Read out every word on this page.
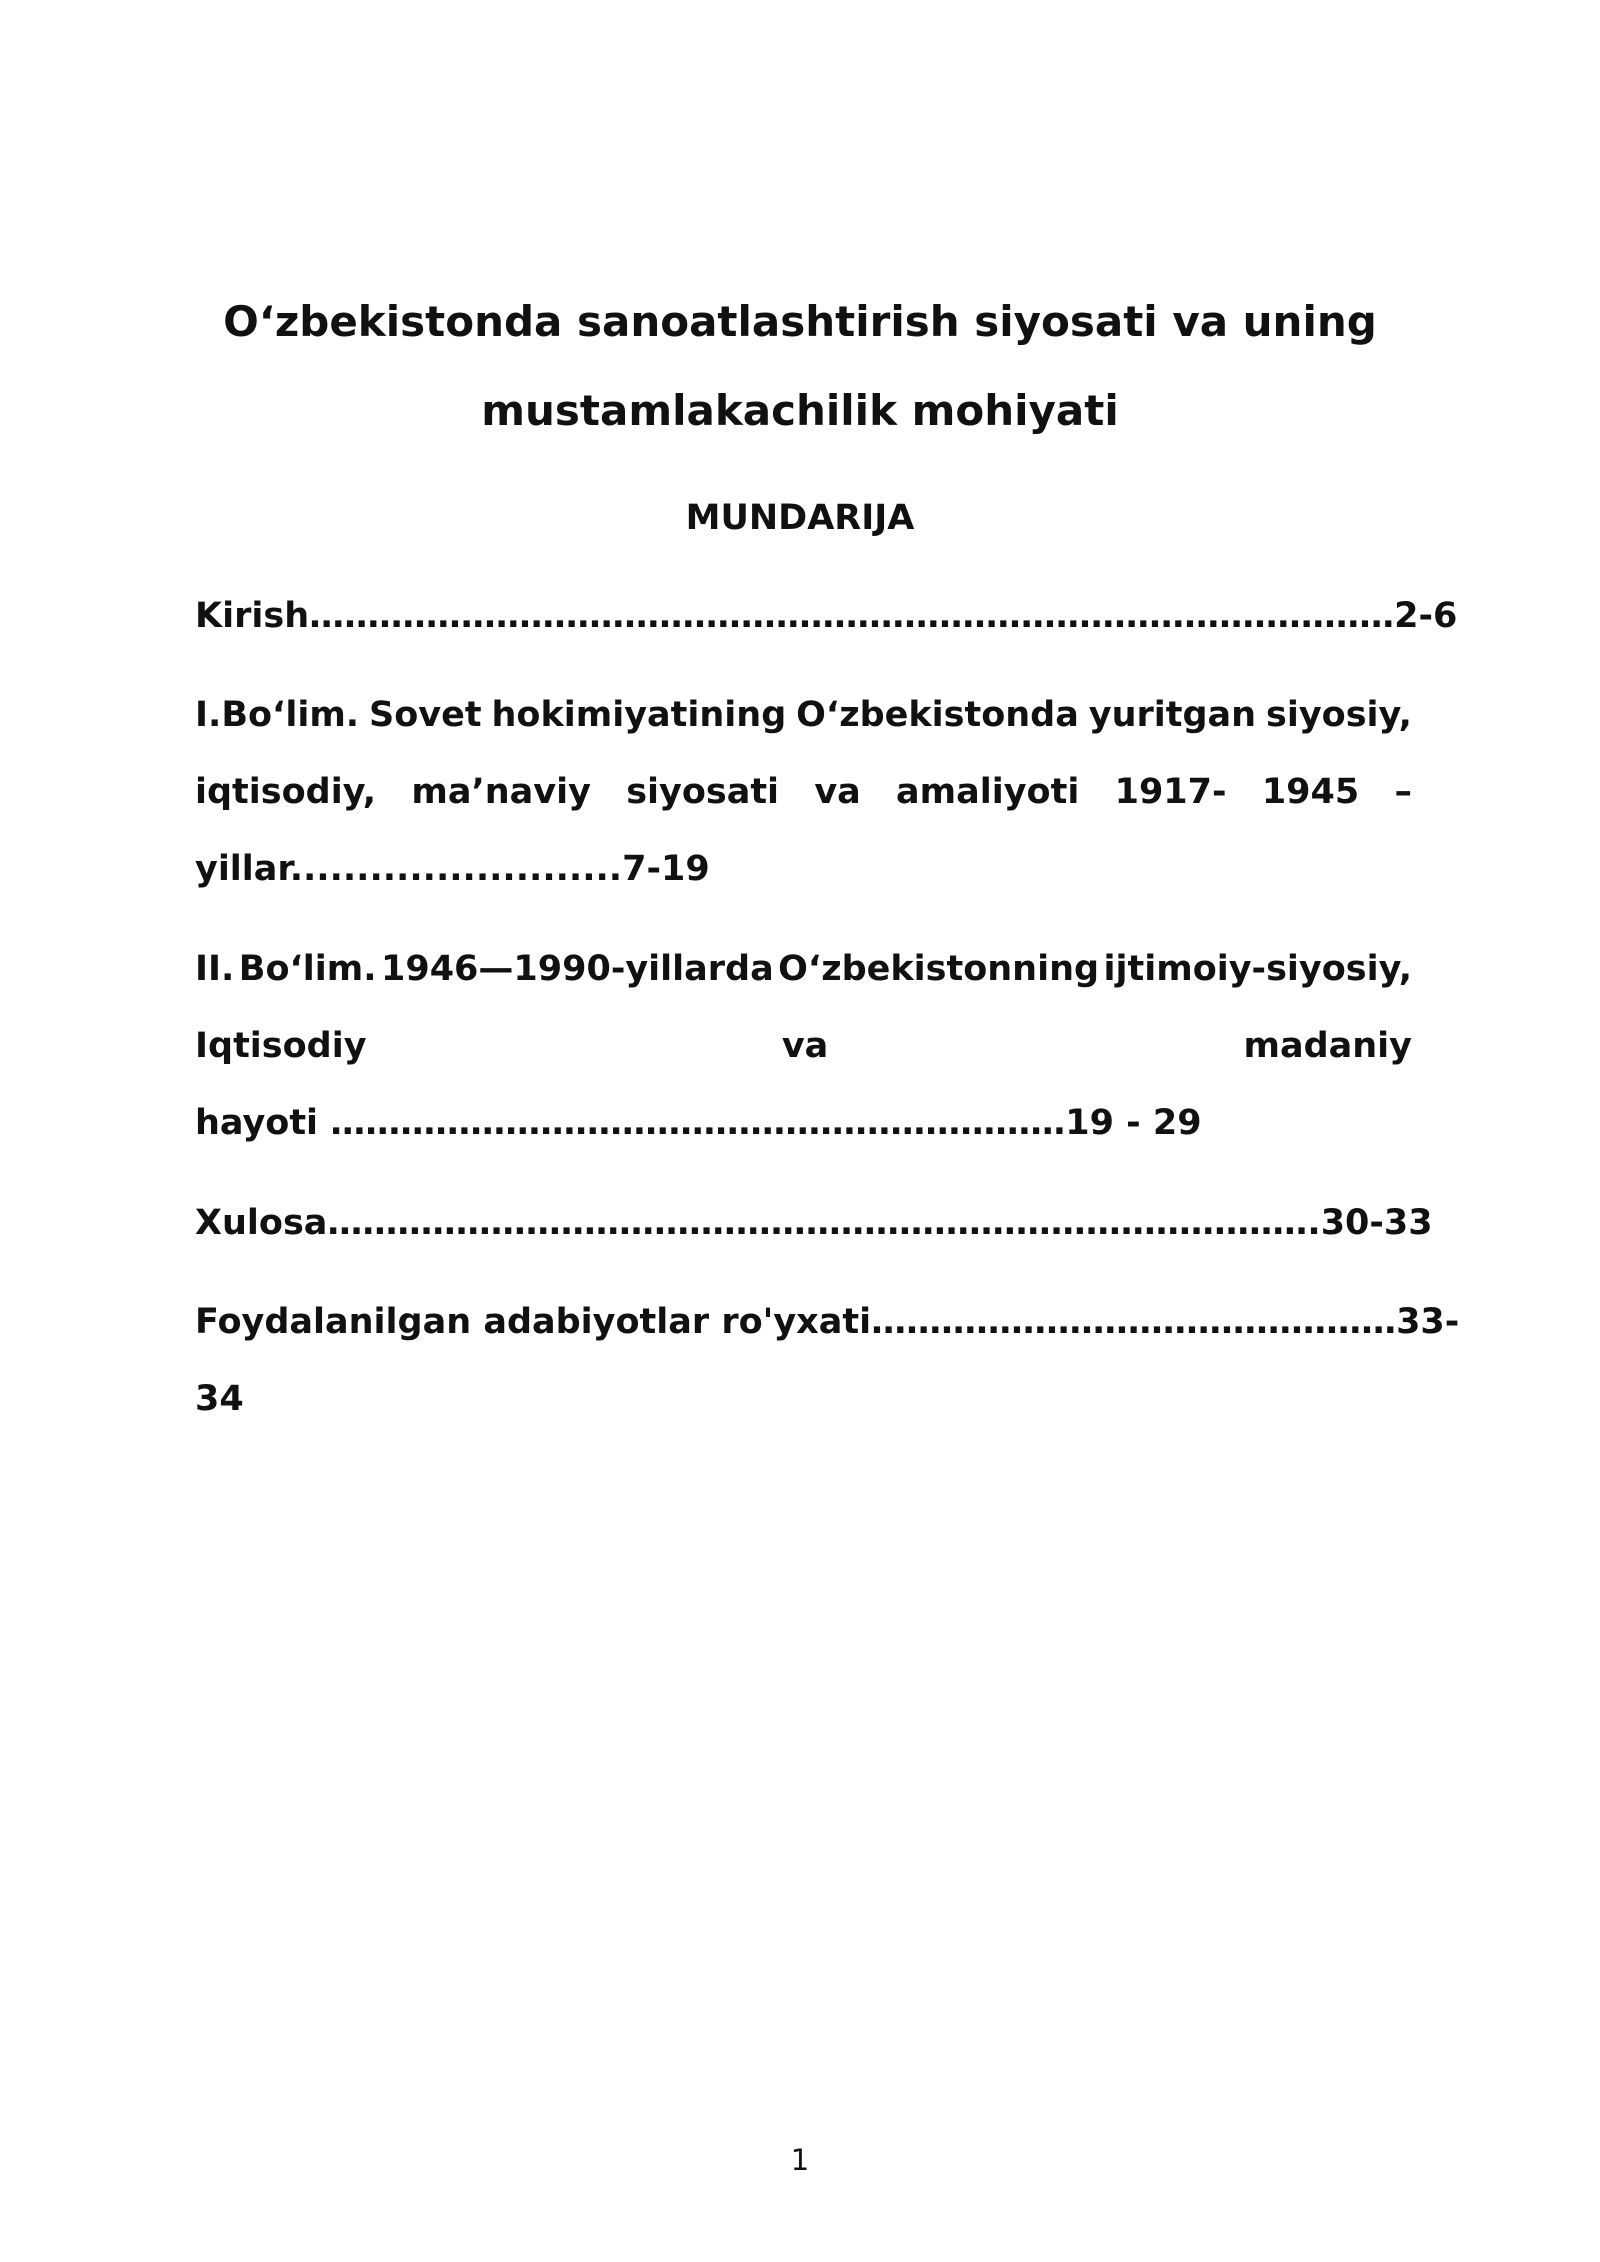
O‘zbekistonda sanoatlashtirish siyosati va uning
mustamlakachilik mohiyati
MUNDARIJA
Kirish…………………………………………………………………………………2-6
I.Bo‘lim. Sovet hokimiyatining O‘zbekistonda yuritgan siyosiy,
iqtisodiy, ma’naviy siyosati va amaliyoti 1917- 1945 –
yillar.........................7-19
II. Bo‘lim. 1946—1990-yillarda O‘zbekistonning ijtimoiy-siyosiy,
Iqtisodiy	va	madaniy
hayoti ………………………………………………………19 - 29
Xulosa………………………………………………………………………….30-33
Foydalanilgan adabiyotlar ro'yxati………………………………………33-
34
1
